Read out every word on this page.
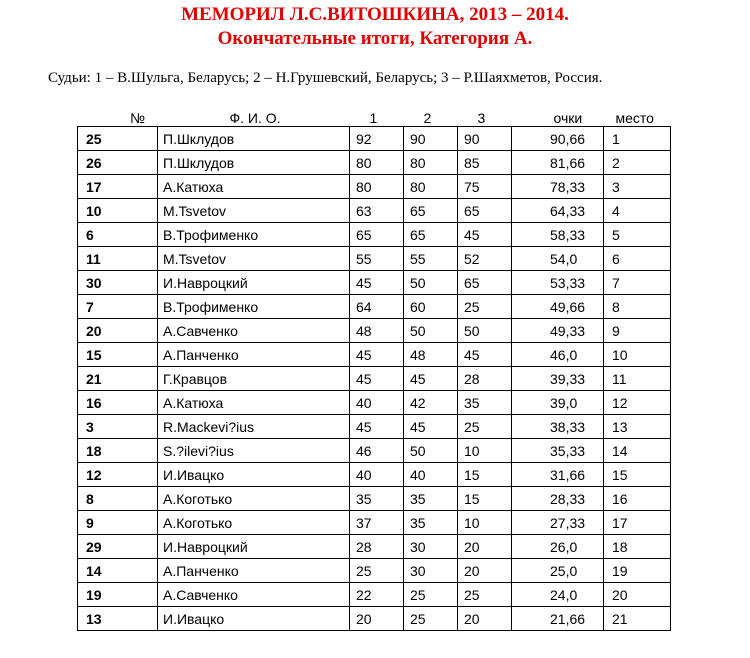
МЕМОРИЛ Л.С.ВИТОШКИНА, 2013 – 2014.
Окончательные итоги, Категория А.
Судьи: 1 – В.Шульга, Беларусь; 2 – Н.Грушевский, Беларусь; 3 – Р.Шаяхметов, Россия.
№	Ф. И. О.	1	2	3	очки	место
25	П.Шклудов	92	90	90	90,66	1
26	П.Шклудов	80	80	85	81,66	2
17	А.Катюха	80	80	75	78,33	3
10	M.Tsvetov	63	65	65	64,33	4
6	В.Трофименко	65	65	45	58,33	5
11	M.Tsvetov	55	55	52	54,0	6
30	И.Навроцкий	45	50	65	53,33	7
7	В.Трофименко	64	60	25	49,66	8
20	А.Савченко	48	50	50	49,33	9
15	А.Панченко	45	48	45	46,0	10
21	Г.Кравцов	45	45	28	39,33	11
16	А.Катюха	40	42	35	39,0	12
3	R.Mackevi?ius	45	45	25	38,33	13
18	S.?ilevi?ius	46	50	10	35,33	14
12	И.Ивацко	40	40	15	31,66	15
8	А.Коготько	35	35	15	28,33	16
9	А.Коготько	37	35	10	27,33	17
29	И.Навроцкий	28	30	20	26,0	18
14	А.Панченко	25	30	20	25,0	19
19	А.Савченко	22	25	25	24,0	20
13	И.Ивацко	20	25	20	21,66	21
